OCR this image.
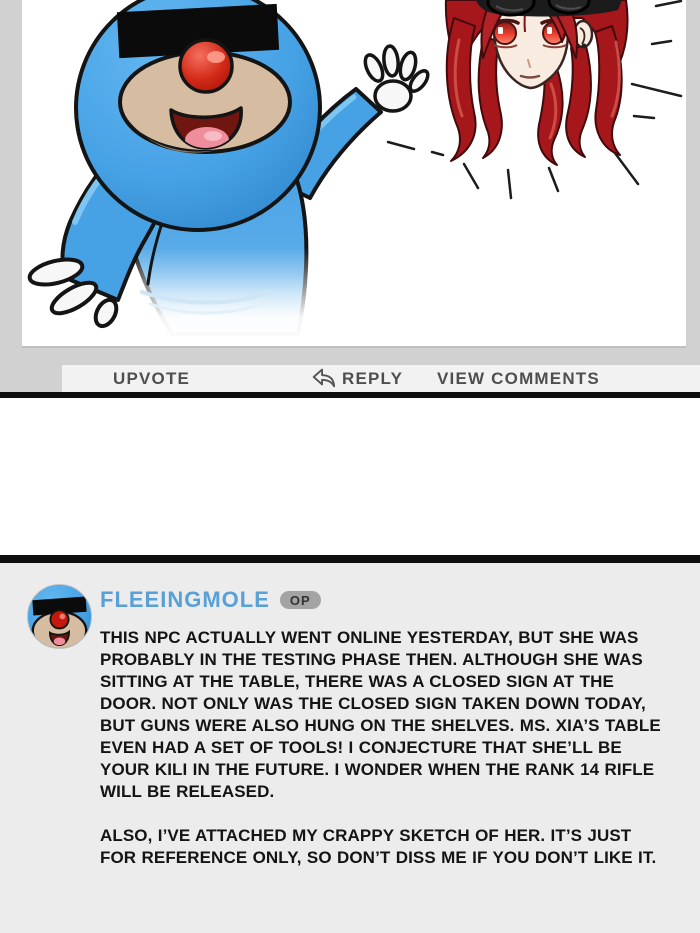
UPVOTE	REPLY VIEW COMMENTS
FLEEINGMOLE	OP

THIS NPC ACTUALLY WENT ONLINE YESTERDAY, BUT SHE WAS PROBABLY IN THE TESTING PHASE THEN. ALTHOUGH SHE WAS SITTING AT THE TABLE, THERE WAS A CLOSED SIGN AT THE DOOR. NOT ONLY WAS THE CLOSED SIGN TAKEN DOWN TODAY, BUT GUNS WERE ALSO HUNG ON THE SHELVES. MS. XIA’S TABLE EVEN HAD A SET OF TOOLS! I CONJECTURE THAT SHE’LL BE YOUR KILI IN THE FUTURE. I WONDER WHEN THE RANK 14 RIFLE WILL BE RELEASED.

ALSO, I’VE ATTACHED MY CRAPPY SKETCH OF HER. IT’S JUST FOR REFERENCE ONLY, SO DON’T DISS ME IF YOU DON’T LIKE IT.
